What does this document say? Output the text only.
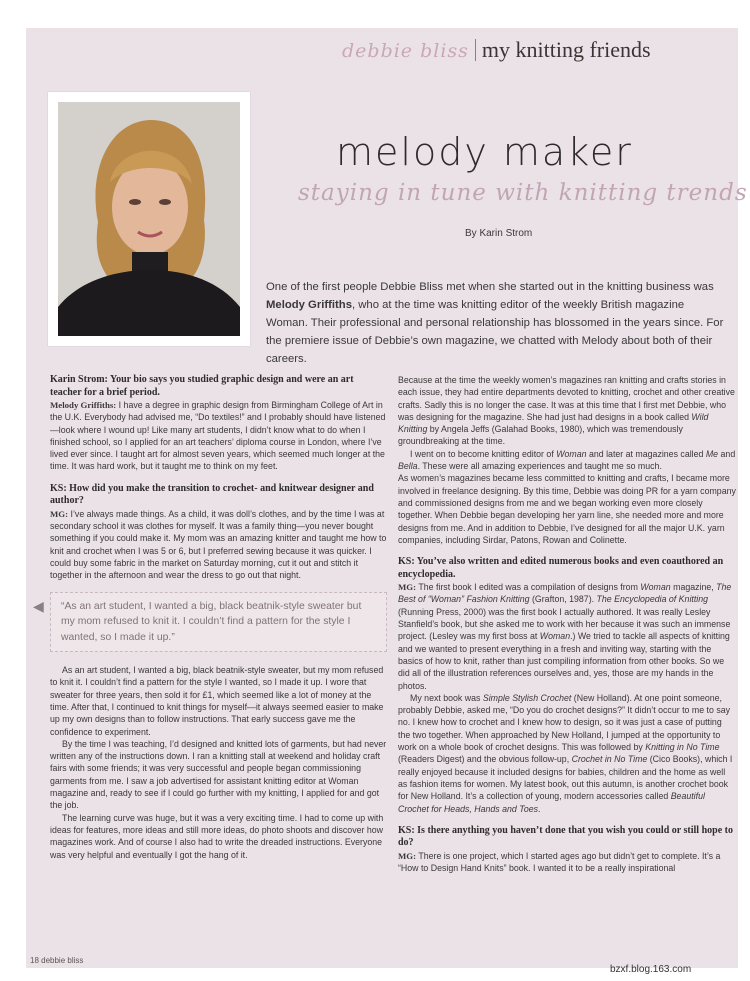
debbie bliss my knitting friends
melody maker
staying in tune with knitting trends
By Karin Strom
One of the first people Debbie Bliss met when she started out in the knitting business was Melody Griffiths, who at the time was knitting editor of the weekly British magazine Woman. Their professional and personal relationship has blossomed in the years since. For the premiere issue of Debbie’s own magazine, we chatted with Melody about both of their careers.

Karin Strom: Your bio says you studied graphic design and were an art teacher for a brief period.

Melody Griffiths: I have a degree in graphic design from Birmingham College of Art in the U.K. Everybody had advised me, “Do textiles!” and I probably should have listened—look where I wound up! Like many art students, I didn’t know what to do when I finished school, so I applied for an art teachers’ diploma course in London, where I’ve lived ever since. I taught art for almost seven years, which seemed much longer at the time. It was hard work, but it taught me to think on my feet.

KS: How did you make the transition to crochet- and knitwear designer and author?

MG: I’ve always made things. As a child, it was doll’s clothes, and by the time I was at secondary school it was clothes for myself. It was a family thing—you never bought something if you could make it. My mom was an amazing knitter and taught me how to knit and crochet when I was 5 or 6, but I preferred sewing because it was quicker. I could buy some fabric in the market on Saturday morning, cut it out and stitch it together in the afternoon and wear the dress to go out that night.

◀ “As an art student, I wanted a big, black beatnik-style sweater but my mom refused to knit it. I couldn’t find a pattern for the style I wanted, so I made it up.”

As an art student, I wanted a big, black beatnik-style sweater, but my mom refused to knit it. I couldn’t find a pattern for the style I wanted, so I made it up. I wore that sweater for three years, then sold it for £1, which seemed like a lot of money at the time. After that, I continued to knit things for myself—it always seemed easier to make up my own designs than to follow instructions. That early success gave me the confidence to experiment.

By the time I was teaching, I’d designed and knitted lots of garments, but had never written any of the instructions down. I ran a knitting stall at weekend and holiday craft fairs with some friends; it was very successful and people began commissioning garments from me. I saw a job advertised for assistant knitting editor at Woman magazine and, ready to see if I could go further with my knitting, I applied for and got the job.

The learning curve was huge, but it was a very exciting time. I had to come up with ideas for features, more ideas and still more ideas, do photo shoots and discover how magazines work. And of course I also had to write the dreaded instructions. Everyone was very helpful and eventually I got the hang of it.

Because at the time the weekly women’s magazines ran knitting and crafts stories in each issue, they had entire departments devoted to knitting, crochet and other creative crafts. Sadly this is no longer the case. It was at this time that I first met Debbie, who was designing for the magazine. She had just had designs in a book called Wild Knitting by Angela Jeffs (Galahad Books, 1980), which was tremendously groundbreaking at the time.

I went on to become knitting editor of Woman and later at magazines called Me and Bella. These were all amazing experiences and taught me so much.

As women’s magazines became less committed to knitting and crafts, I became more involved in freelance designing. By this time, Debbie was doing PR for a yarn company and commissioned designs from me and we began working even more closely together. When Debbie began developing her yarn line, she needed more and more designs from me. And in addition to Debbie, I’ve designed for all the major U.K. yarn companies, including Sirdar, Patons, Rowan and Colinette.

KS: You’ve also written and edited numerous books and even coauthored an encyclopedia.

MG: The first book I edited was a compilation of designs from Woman magazine, The Best of “Woman” Fashion Knitting (Grafton, 1987). The Encyclopedia of Knitting (Running Press, 2000) was the first book I actually authored. It was really Lesley Stanfield’s book, but she asked me to work with her because it was such an immense project. (Lesley was my first boss at Woman.) We tried to tackle all aspects of knitting and we wanted to present everything in a fresh and inviting way, starting with the basics of how to knit, rather than just compiling information from other books. So we did all of the illustration references ourselves and, yes, those are my hands in the photos.

My next book was Simple Stylish Crochet (New Holland). At one point someone, probably Debbie, asked me, “Do you do crochet designs?” It didn’t occur to me to say no. I knew how to crochet and I knew how to design, so it was just a case of putting the two together. When approached by New Holland, I jumped at the opportunity to work on a whole book of crochet designs. This was followed by Knitting in No Time (Readers Digest) and the obvious follow-up, Crochet in No Time (Cico Books), which I really enjoyed because it included designs for babies, children and the home as well as fashion items for women. My latest book, out this autumn, is another crochet book for New Holland. It’s a collection of young, modern accessories called Beautiful Crochet for Heads, Hands and Toes.

KS: Is there anything you haven’t done that you wish you could or still hope to do?

MG: There is one project, which I started ages ago but didn’t get to complete. It’s a “How to Design Hand Knits” book. I wanted it to be a really inspirational

18 debbie bliss
bzxf.blog.163.com
